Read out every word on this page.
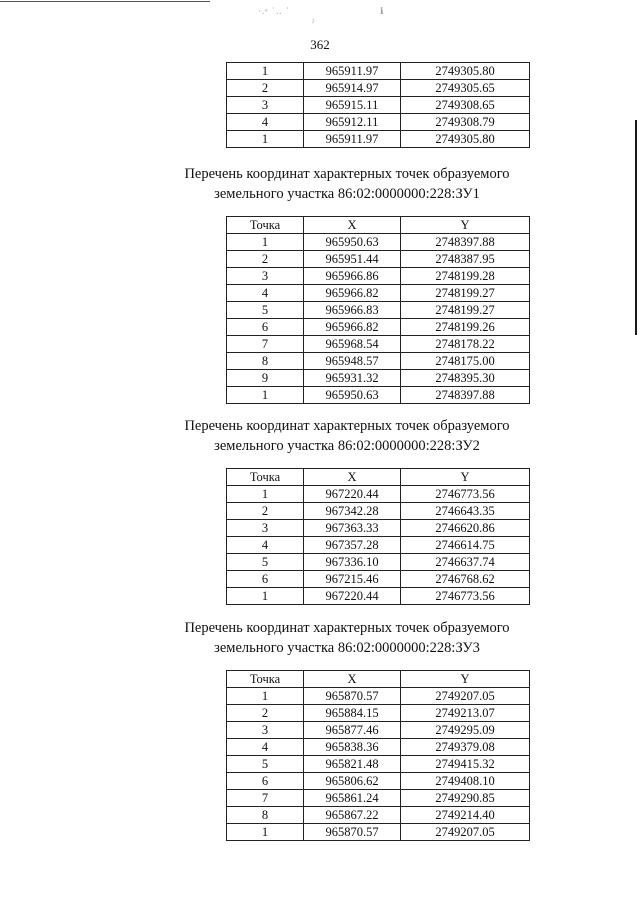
·.ᵉ ˙‥ ˙	ℹ
ˀ
362
1	965911.97	2749305.80
2	965914.97	2749305.65
3	965915.11	2749308.65
4	965912.11	2749308.79
1	965911.97	2749305.80
Перечень координат характерных точек образуемого
земельного участка 86:02:0000000:228:ЗУ1
Точка	X	Y
1	965950.63	2748397.88
2	965951.44	2748387.95
3	965966.86	2748199.28
4	965966.82	2748199.27
5	965966.83	2748199.27
6	965966.82	2748199.26
7	965968.54	2748178.22
8	965948.57	2748175.00
9	965931.32	2748395.30
1	965950.63	2748397.88
Перечень координат характерных точек образуемого
земельного участка 86:02:0000000:228:ЗУ2
Точка	X	Y
1	967220.44	2746773.56
2	967342.28	2746643.35
3	967363.33	2746620.86
4	967357.28	2746614.75
5	967336.10	2746637.74
6	967215.46	2746768.62
1	967220.44	2746773.56
Перечень координат характерных точек образуемого
земельного участка 86:02:0000000:228:ЗУ3
Точка	X	Y
1	965870.57	2749207.05
2	965884.15	2749213.07
3	965877.46	2749295.09
4	965838.36	2749379.08
5	965821.48	2749415.32
6	965806.62	2749408.10
7	965861.24	2749290.85
8	965867.22	2749214.40
1	965870.57	2749207.05
